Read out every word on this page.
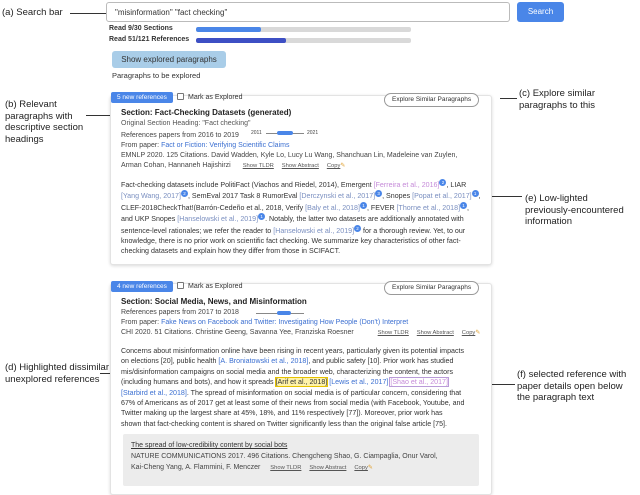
(a) Search bar
(b) Relevant
paragraphs with
descriptive section
headings
(c) Explore similar
paragraphs to this
(e) Low-lighted
previously-encountered
information
(d) Highlighted dissimilar
unexplored references	(f) selected reference with
paper details open below
the paragraph text
"misinformation" "fact checking"	Search
Read 9/30 Sections
Read 51/121 References
Show explored paragraphs
Paragraphs to be explored
5 new references	Mark as Explored	Explore Similar Paragraphs
Section: Fact-Checking Datasets (generated)
Original Section Heading: "Fact checking"
References papers from 2016 to 2019 2011	2021
From paper: Fact or Fiction: Verifying Scientific Claims
EMNLP 2020. 125 Citations. David Wadden, Kyle Lo, Lucy Lu Wang, Shanchuan Lin, Madeleine van Zuylen,
Arman Cohan, Hannaneh Hajishirzi Show TLDR Show Abstract Copy✎
Fact-checking datasets include PolitiFact (Viachos and Riedel, 2014), Emergent [Ferreira et al., 2016] 2 , LIAR
[Yang Wang, 2017] 2 , SemEval 2017 Task 8 RumorEval [Derczynski et al., 2017] 3 , Snopes [Popat et al., 2017] 1 ,
CLEF-2018CheckThat!(Barrón-Cedeño et al., 2018, Verify [Baly et al., 2018] 1 , FEVER [Thorne et al., 2018] 1 ,
and UKP Snopes [Hanselowski et al., 2019] 1 . Notably, the latter two datasets are additionally annotated with
sentence-level rationales; we refer the reader to [Hanselowski et al., 2019] 2 for a thorough review. Yet, to our
knowledge, there is no prior work on scientific fact checking. We summarize key characteristics of other fact-
checking datasets and explain how they differ from those in SCIFACT.
4 new references	Mark as Explored	Explore Similar Paragraphs
Section: Social Media, News, and Misinformation
References papers from 2017 to 2018
From paper: Fake News on Facebook and Twitter: Investigating How People (Don't) Interpret
CHI 2020. 51 Citations. Christine Geeng, Savanna Yee, Franziska Roesner	Show TLDR Show Abstract Copy✎
Concerns about misinformation online have been rising in recent years, particularly given its potential impacts
on elections [20], public health [A. Broniatowski et al., 2018], and public safety [10]. Prior work has studied
mis/disinformation campaigns on social media and the broader web, characterizing the content, the actors
(including humans and bots), and how it spreads [Arif et al., 2018] [Lewis et al., 2017] [Shao et al., 2017]
[Starbird et al., 2018]. The spread of misinformation on social media is of particular concern, considering that
67% of Americans as of 2017 get at least some of their news from social media (with Facebook, Youtube, and
Twitter making up the largest share at 45%, 18%, and 11% respectively [77]). Moreover, prior work has
shown that fact-checking content is shared on Twitter significantly less than the original false article [75].
The spread of low-credibility content by social bots
NATURE COMMUNICATIONS 2017. 496 Citations. Chengcheng Shao, G. Ciampaglia, Onur Varol,
Kai-Cheng Yang, A. Flammini, F. Menczer Show TLDR Show Abstract Copy✎
